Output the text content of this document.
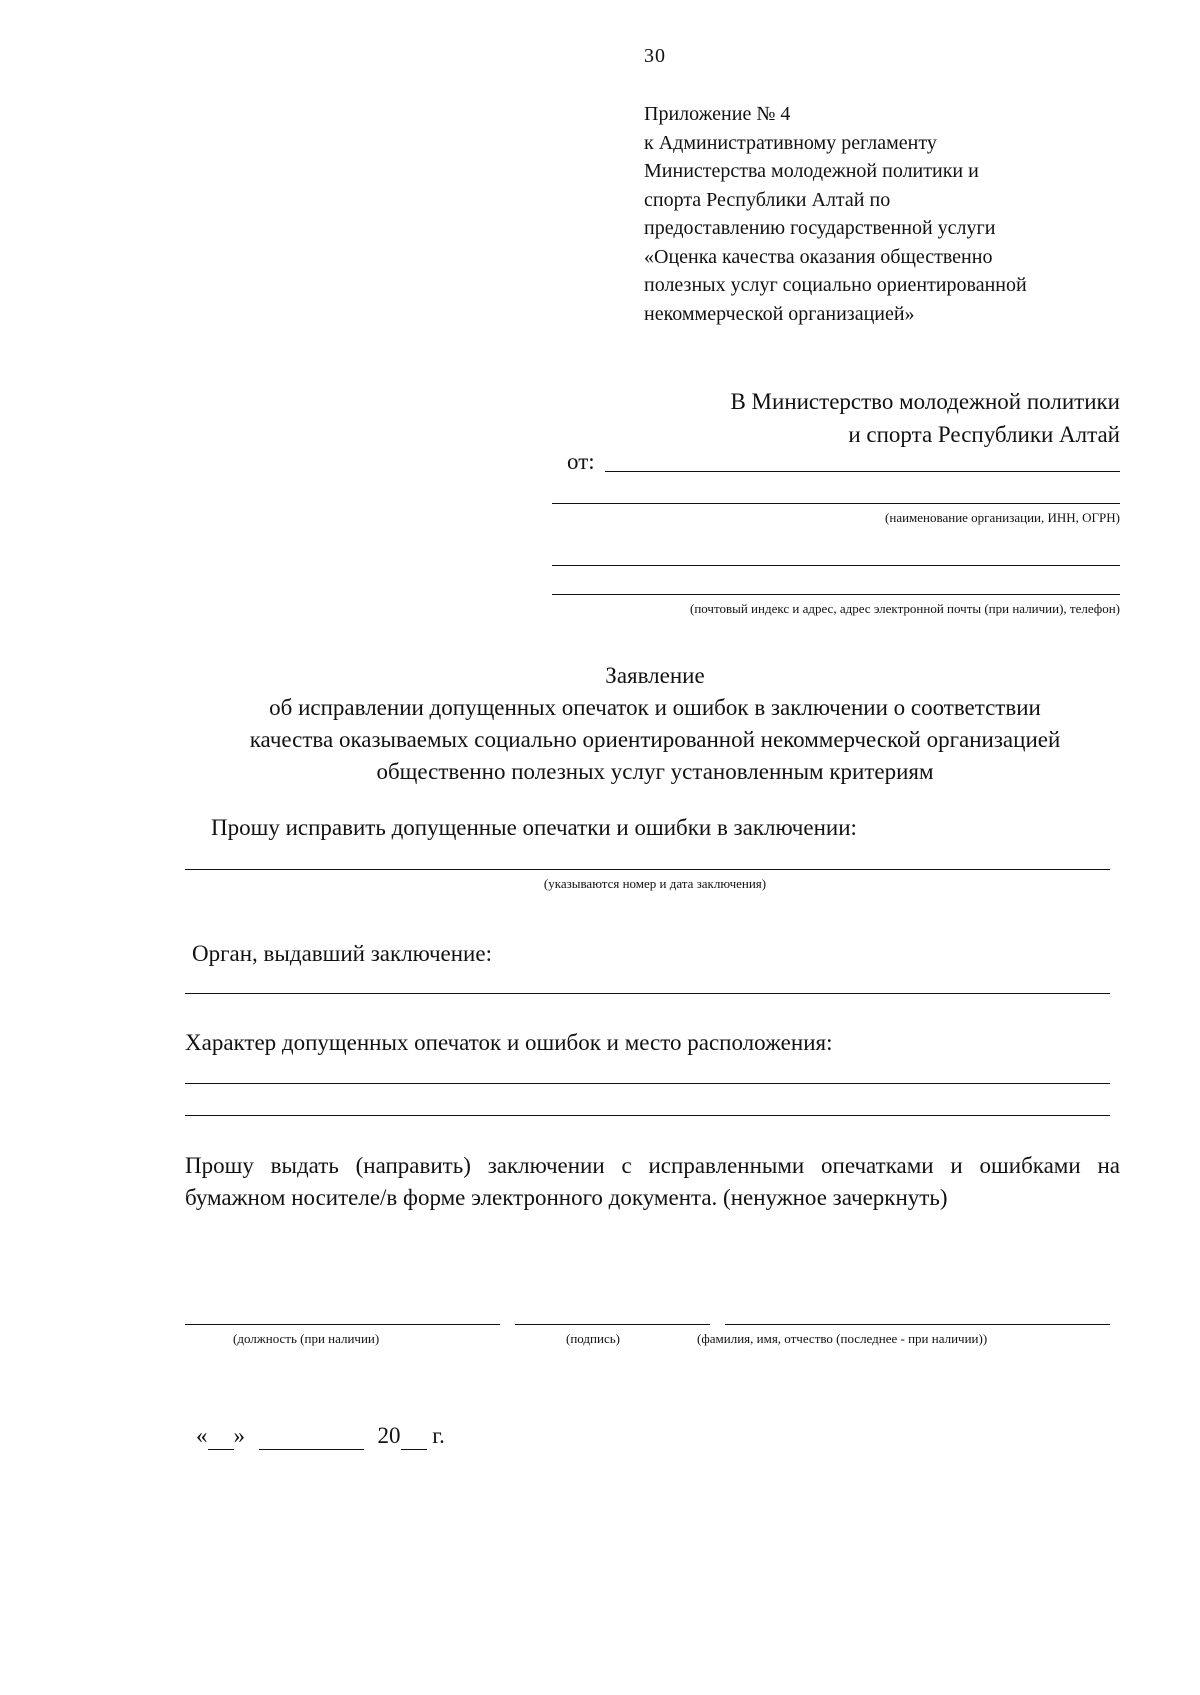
30
Приложение № 4
к Административному регламенту
Министерства молодежной политики и
спорта Республики Алтай по
предоставлению государственной услуги
«Оценка качества оказания общественно
полезных услуг социально ориентированной
некоммерческой организацией»
В Министерство молодежной политики
и спорта Республики Алтай
от:
(наименование организации, ИНН, ОГРН)
(почтовый индекс и адрес, адрес электронной почты (при наличии), телефон)
Заявление
об исправлении допущенных опечаток и ошибок в заключении о соответствии
качества оказываемых социально ориентированной некоммерческой организацией
общественно полезных услуг установленным критериям
Прошу исправить допущенные опечатки и ошибки в заключении:
(указываются номер и дата заключения)
Орган, выдавший заключение:
Характер допущенных опечаток и ошибок и место расположения:
Прошу выдать (направить) заключении с исправленными опечатками и ошибками на бумажном носителе/в форме электронного документа. (ненужное зачеркнуть)
(должность (при наличии)	(подпись)	(фамилия, имя, отчество (последнее - при наличии))
« »	20 г.
